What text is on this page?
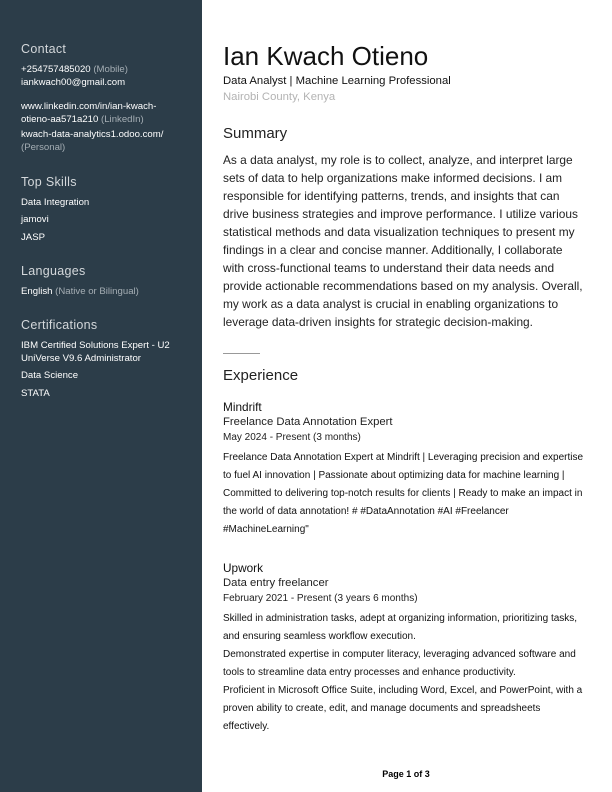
Contact
+254757485020 (Mobile)
iankwach00@gmail.com
www.linkedin.com/in/ian-kwach-
otieno-aa571a210 (LinkedIn)
kwach-data-analytics1.odoo.com/
(Personal)
Top Skills
Data Integration
jamovi
JASP
Languages
English (Native or Bilingual)
Certifications
IBM Certified Solutions Expert - U2 UniVerse V9.6 Administrator
Data Science
STATA
Ian Kwach Otieno
Data Analyst | Machine Learning Professional
Nairobi County, Kenya
Summary
As a data analyst, my role is to collect, analyze, and interpret large sets of data to help organizations make informed decisions. I am responsible for identifying patterns, trends, and insights that can drive business strategies and improve performance. I utilize various statistical methods and data visualization techniques to present my findings in a clear and concise manner. Additionally, I collaborate with cross-functional teams to understand their data needs and provide actionable recommendations based on my analysis. Overall, my work as a data analyst is crucial in enabling organizations to leverage data-driven insights for strategic decision-making.
Experience
Mindrift
Freelance Data Annotation Expert
May 2024 - Present (3 months)
Freelance Data Annotation Expert at Mindrift | Leveraging precision and expertise to fuel AI innovation | Passionate about optimizing data for machine learning | Committed to delivering top-notch results for clients | Ready to make an impact in the world of data annotation! # #DataAnnotation #AI #Freelancer #MachineLearning"
Upwork
Data entry freelancer
February 2021 - Present (3 years 6 months)
Skilled in administration tasks, adept at organizing information, prioritizing tasks, and ensuring seamless workflow execution.
Demonstrated expertise in computer literacy, leveraging advanced software and tools to streamline data entry processes and enhance productivity.
Proficient in Microsoft Office Suite, including Word, Excel, and PowerPoint, with a proven ability to create, edit, and manage documents and spreadsheets effectively.
Page 1 of 3
